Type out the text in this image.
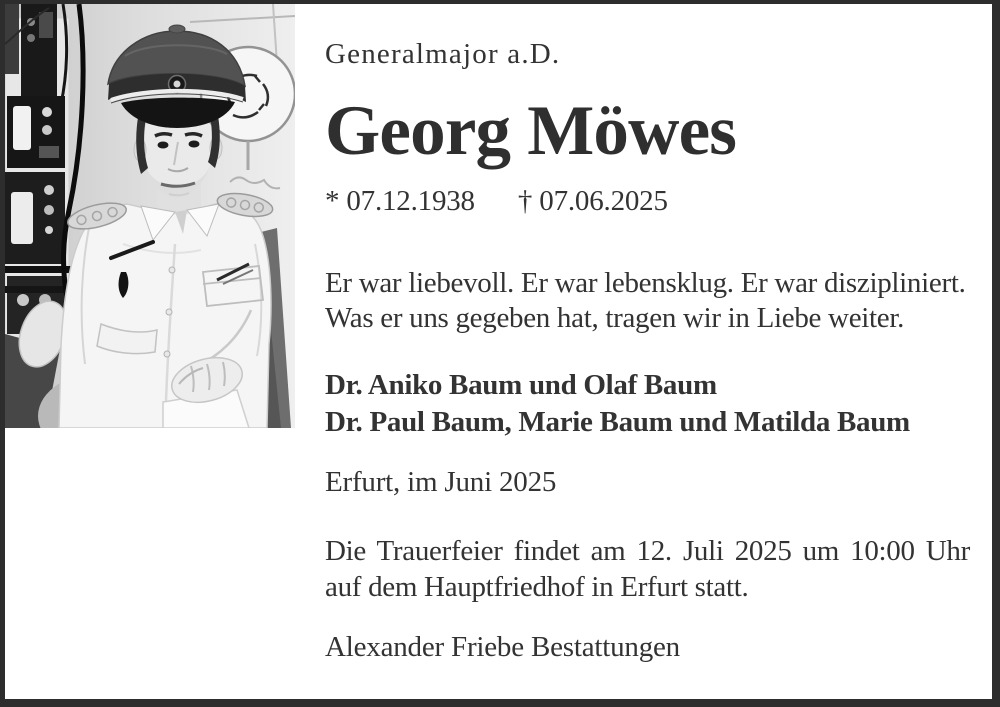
Generalmajor a.D.
Georg Möwes
* 07.12.1938 † 07.06.2025
Er war liebevoll. Er war lebensklug. Er war diszipliniert.
Was er uns gegeben hat, tragen wir in Liebe weiter.
Dr. Aniko Baum und Olaf Baum
Dr. Paul Baum, Marie Baum und Matilda Baum
Erfurt, im Juni 2025
Die Trauerfeier findet am 12. Juli 2025 um 10:00 Uhr
auf dem Hauptfriedhof in Erfurt statt.
Alexander Friebe Bestattungen
